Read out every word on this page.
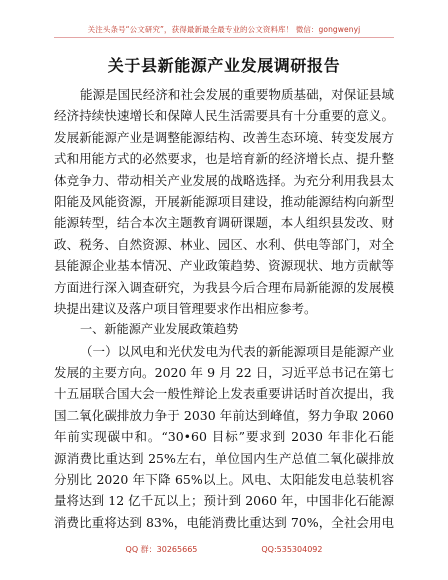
关注头条号“公文研究”，获得最新最全最专业的公文资料库！ 微信：gongwenyj
关于县新能源产业发展调研报告
能源是国民经济和社会发展的重要物质基础，对保证县域
经济持续快速增长和保障人民生活需要具有十分重要的意义。
发展新能源产业是调整能源结构、改善生态环境、转变发展方
式和用能方式的必然要求，也是培育新的经济增长点、提升整
体竞争力、带动相关产业发展的战略选择。为充分利用我县太
阳能及风能资源，开展新能源项目建设，推动能源结构向新型
能源转型，结合本次主题教育调研课题，本人组织县发改、财
政、税务、自然资源、林业、园区、水利、供电等部门，对全
县能源企业基本情况、产业政策趋势、资源现状、地方贡献等
方面进行深入调查研究，为我县今后合理布局新能源的发展模
块提出建议及落户项目管理要求作出相应参考。
一、新能源产业发展政策趋势
（一）以风电和光伏发电为代表的新能源项目是能源产业
发展的主要方向。2020 年 9 月 22 日，习近平总书记在第七
十五届联合国大会一般性辩论上发表重要讲话时首次提出，我
国二氧化碳排放力争于 2030 年前达到峰值，努力争取 2060
年前实现碳中和。“30•60 目标”要求到 2030 年非化石能
源消费比重达到 25%左右，单位国内生产总值二氧化碳排放
分别比 2020 年下降 65%以上。风电、太阳能发电总装机容
量将达到 12 亿千瓦以上；预计到 2060 年，中国非化石能源
消费比重将达到 83%，电能消费比重达到 70%，全社会用电
QQ 群：30265665	QQ:535304092
